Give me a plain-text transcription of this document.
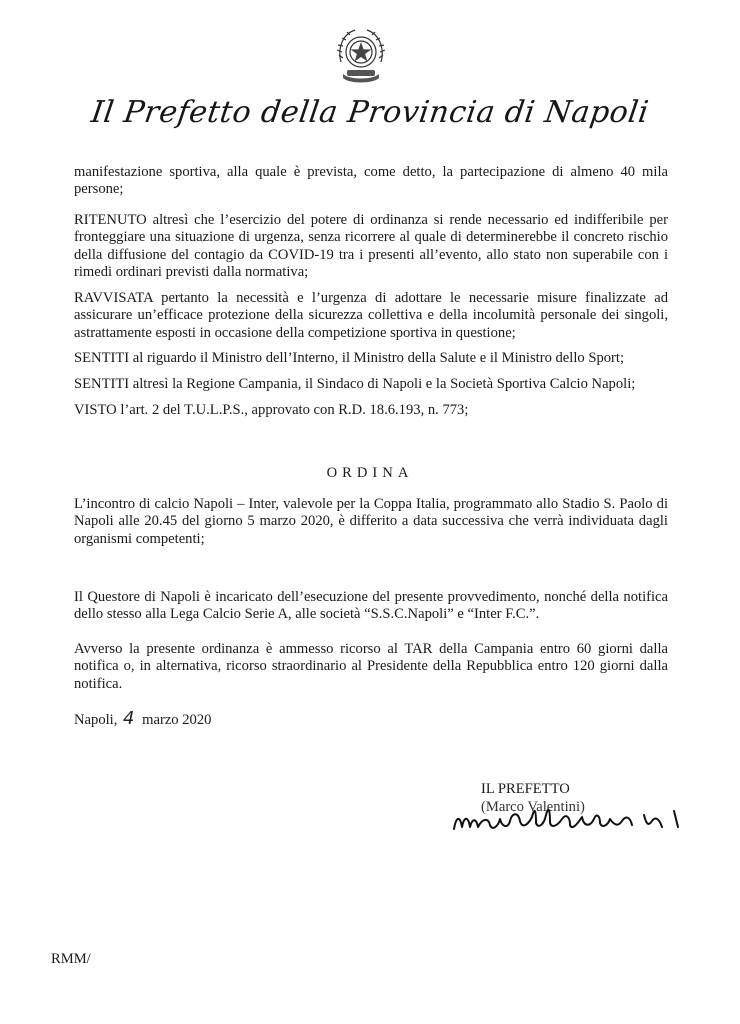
Il Prefetto della Provincia di Napoli

manifestazione sportiva, alla quale è prevista, come detto, la partecipazione di almeno 40 mila persone;

RITENUTO altresì che l’esercizio del potere di ordinanza si rende necessario ed indifferibile per fronteggiare una situazione di urgenza, senza ricorrere al quale di determinerebbe il concreto rischio della diffusione del contagio da COVID-19 tra i presenti all’evento, allo stato non superabile con i rimedi ordinari previsti dalla normativa;

RAVVISATA pertanto la necessità e l’urgenza di adottare le necessarie misure finalizzate ad assicurare un’efficace protezione della sicurezza collettiva e della incolumità personale dei singoli, astrattamente esposti in occasione della competizione sportiva in questione;

SENTITI al riguardo il Ministro dell’Interno, il Ministro della Salute e il Ministro dello Sport;

SENTITI altresì la Regione Campania, il Sindaco di Napoli e la Società Sportiva Calcio Napoli;

VISTO l’art. 2 del T.U.L.P.S., approvato con R.D. 18.6.193, n. 773;

ORDINA

L’incontro di calcio Napoli – Inter, valevole per la Coppa Italia, programmato allo Stadio S. Paolo di Napoli alle 20.45 del giorno 5 marzo 2020, è differito a data successiva che verrà individuata dagli organismi competenti;

Il Questore di Napoli è incaricato dell’esecuzione del presente provvedimento, nonché della notifica dello stesso alla Lega Calcio Serie A, alle società “S.S.C.Napoli” e “Inter F.C.”.

Avverso la presente ordinanza è ammesso ricorso al TAR della Campania entro 60 giorni dalla notifica o, in alternativa, ricorso straordinario al Presidente della Repubblica entro 120 giorni dalla notifica.

Napoli, 4 marzo 2020
IL PREFETTO
(Marco Valentini)
RMM/
